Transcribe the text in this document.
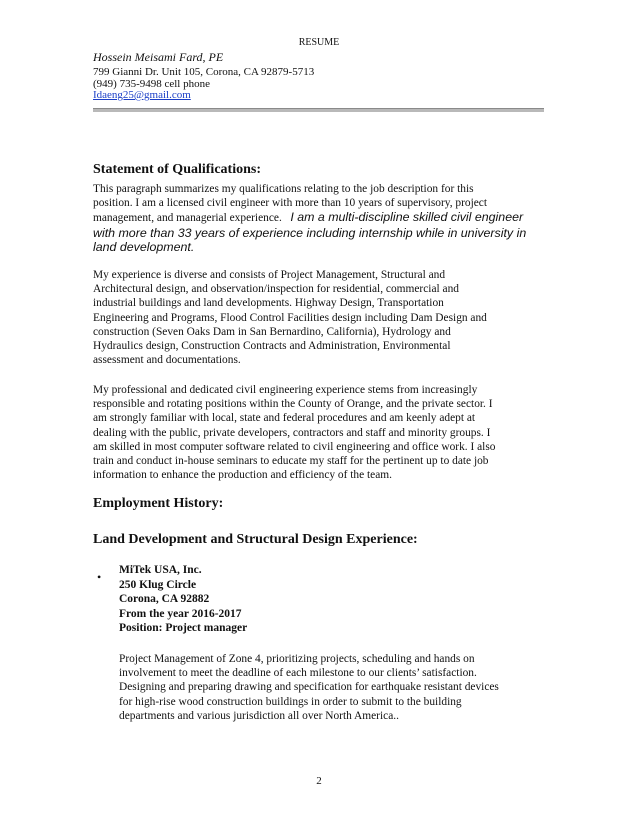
RESUME
Hossein Meisami Fard, PE
799 Gianni Dr. Unit 105, Corona, CA 92879-5713
(949) 735-9498 cell phone
Idaeng25@gmail.com
Statement of Qualifications:
This paragraph summarizes my qualifications relating to the job description for this
position. I am a licensed civil engineer with more than 10 years of supervisory, project
management, and managerial experience. I am a multi-discipline skilled civil engineer
with more than 33 years of experience including internship while in university in
land development.
My experience is diverse and consists of Project Management, Structural and
Architectural design, and observation/inspection for residential, commercial and
industrial buildings and land developments. Highway Design, Transportation
Engineering and Programs, Flood Control Facilities design including Dam Design and
construction (Seven Oaks Dam in San Bernardino, California), Hydrology and
Hydraulics design, Construction Contracts and Administration, Environmental
assessment and documentations.
My professional and dedicated civil engineering experience stems from increasingly
responsible and rotating positions within the County of Orange, and the private sector. I
am strongly familiar with local, state and federal procedures and am keenly adept at
dealing with the public, private developers, contractors and staff and minority groups. I
am skilled in most computer software related to civil engineering and office work. I also
train and conduct in-house seminars to educate my staff for the pertinent up to date job
information to enhance the production and efficiency of the team.
Employment History:
Land Development and Structural Design Experience:
• MiTek USA, Inc.
250 Klug Circle
Corona, CA 92882
From the year 2016-2017
Position: Project manager
Project Management of Zone 4, prioritizing projects, scheduling and hands on
involvement to meet the deadline of each milestone to our clients’ satisfaction.
Designing and preparing drawing and specification for earthquake resistant devices
for high-rise wood construction buildings in order to submit to the building
departments and various jurisdiction all over North America..
2
